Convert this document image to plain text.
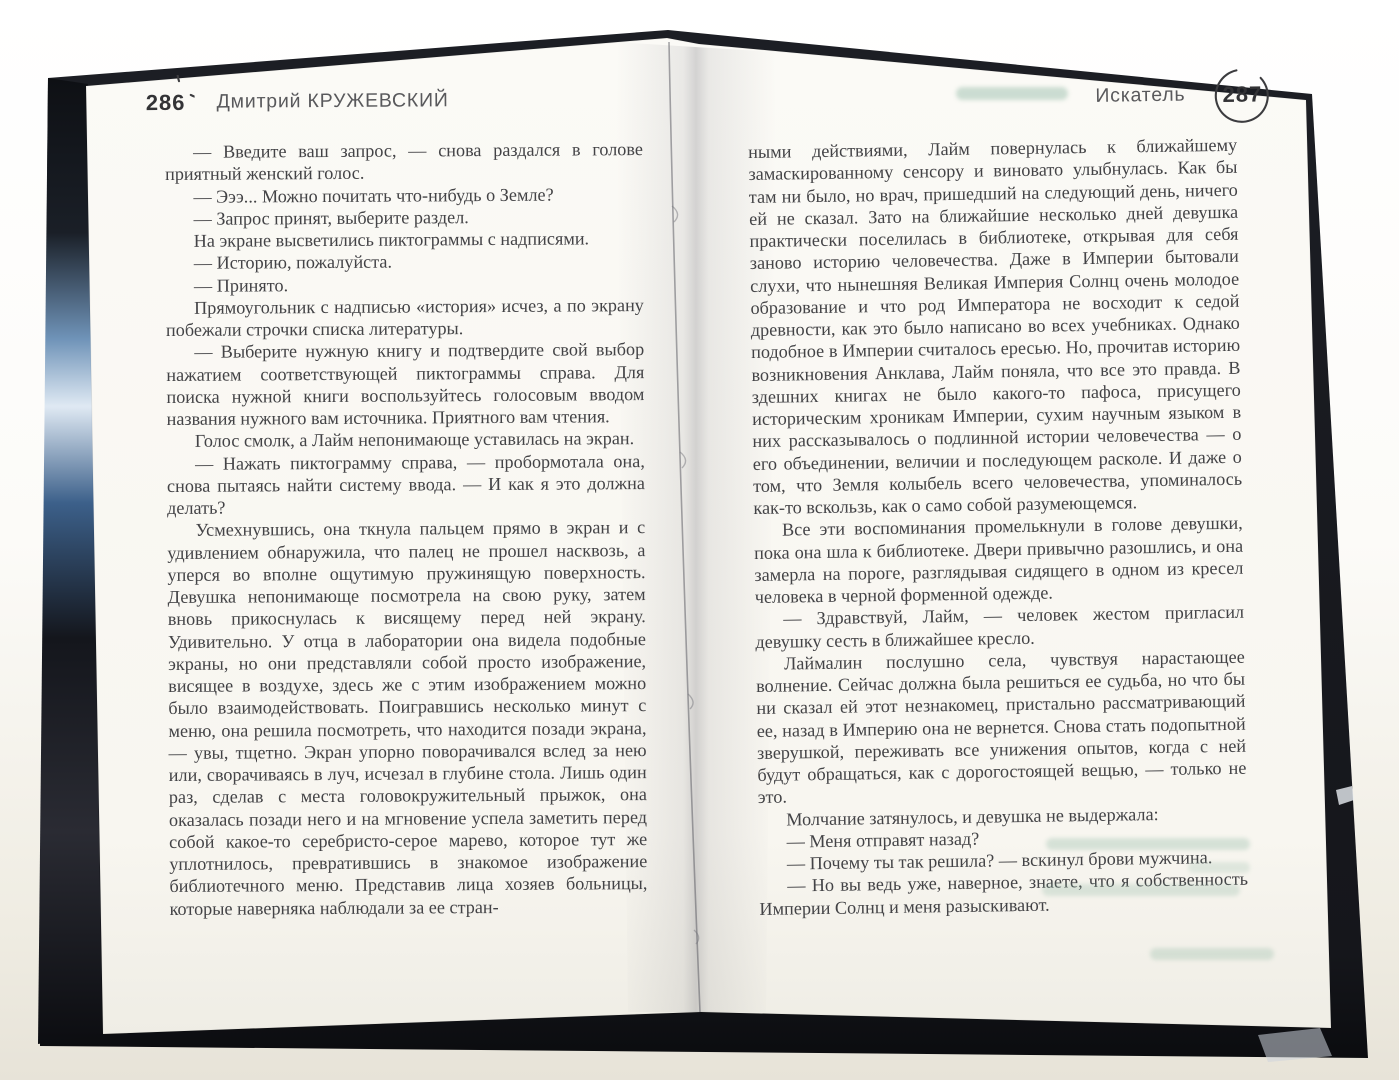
286	Дмитрий КРУЖЕВСКИЙ

— Введите ваш запрос, — снова раздался в голове приятный женский голос.

— Эээ... Можно почитать что-нибудь о Земле?

— Запрос принят, выберите раздел.

На экране высветились пиктограммы с надписями.

— Историю, пожалуйста.

— Принято.

Прямоугольник с надписью «история» исчез, а по экрану побежали строчки списка литературы.

— Выберите нужную книгу и подтвердите свой выбор нажатием соответствующей пиктограммы справа. Для поиска нужной книги воспользуйтесь голосовым вводом названия нужного вам источника. Приятного вам чтения.

Голос смолк, а Лайм непонимающе уставилась на экран.

— Нажать пиктограмму справа, — пробормотала она, снова пытаясь найти систему ввода. — И как я это должна делать?

Усмехнувшись, она ткнула пальцем прямо в экран и с удивлением обнаружила, что палец не прошел насквозь, а уперся во вполне ощутимую пружинящую поверхность. Девушка непонимающе посмотрела на свою руку, затем вновь прикоснулась к висящему перед ней экрану. Удивительно. У отца в лаборатории она видела подобные экраны, но они представляли собой просто изображение, висящее в воздухе, здесь же с этим изображением можно было взаимодействовать. Поигравшись несколько минут с меню, она решила посмотреть, что находится позади экрана, — увы, тщетно. Экран упорно поворачивался вслед за нею или, сворачиваясь в луч, исчезал в глубине стола. Лишь один раз, сделав с места головокружительный прыжок, она оказалась позади него и на мгновение успела заметить перед собой какое-то серебристо-серое марево, которое тут же уплотнилось, превратившись в знакомое изображение библиотечного меню. Представив лица хозяев больницы, которые наверняка наблюдали за ее стран-

Искатель	287

ными действиями, Лайм повернулась к ближайшему замаскированному сенсору и виновато улыбнулась. Как бы там ни было, но врач, пришедший на следующий день, ничего ей не сказал. Зато на ближайшие несколько дней девушка практически поселилась в библиотеке, открывая для себя заново историю человечества. Даже в Империи бытовали слухи, что нынешняя Великая Империя Солнц очень молодое образование и что род Императора не восходит к седой древности, как это было написано во всех учебниках. Однако подобное в Империи считалось ересью. Но, прочитав историю возникновения Анклава, Лайм поняла, что все это правда. В здешних книгах не было какого-то пафоса, присущего историческим хроникам Империи, сухим научным языком в них рассказывалось о подлинной истории человечества — о его объединении, величии и последующем расколе. И даже о том, что Земля колыбель всего человечества, упоминалось как-то вскользь, как о само собой разумеющемся.

Все эти воспоминания промелькнули в голове девушки, пока она шла к библиотеке. Двери привычно разошлись, и она замерла на пороге, разглядывая сидящего в одном из кресел человека в черной форменной одежде.

— Здравствуй, Лайм, — человек жестом пригласил девушку сесть в ближайшее кресло.

Лаймалин послушно села, чувствуя нарастающее волнение. Сейчас должна была решиться ее судьба, но что бы ни сказал ей этот незнакомец, пристально рассматривающий ее, назад в Империю она не вернется. Снова стать подопытной зверушкой, переживать все унижения опытов, когда с ней будут обращаться, как с дорогостоящей вещью, — только не это.

Молчание затянулось, и девушка не выдержала:

— Меня отправят назад?

— Почему ты так решила? — вскинул брови мужчина.

— Но вы ведь уже, наверное, знаете, что я собственность Империи Солнц и меня разыскивают.
